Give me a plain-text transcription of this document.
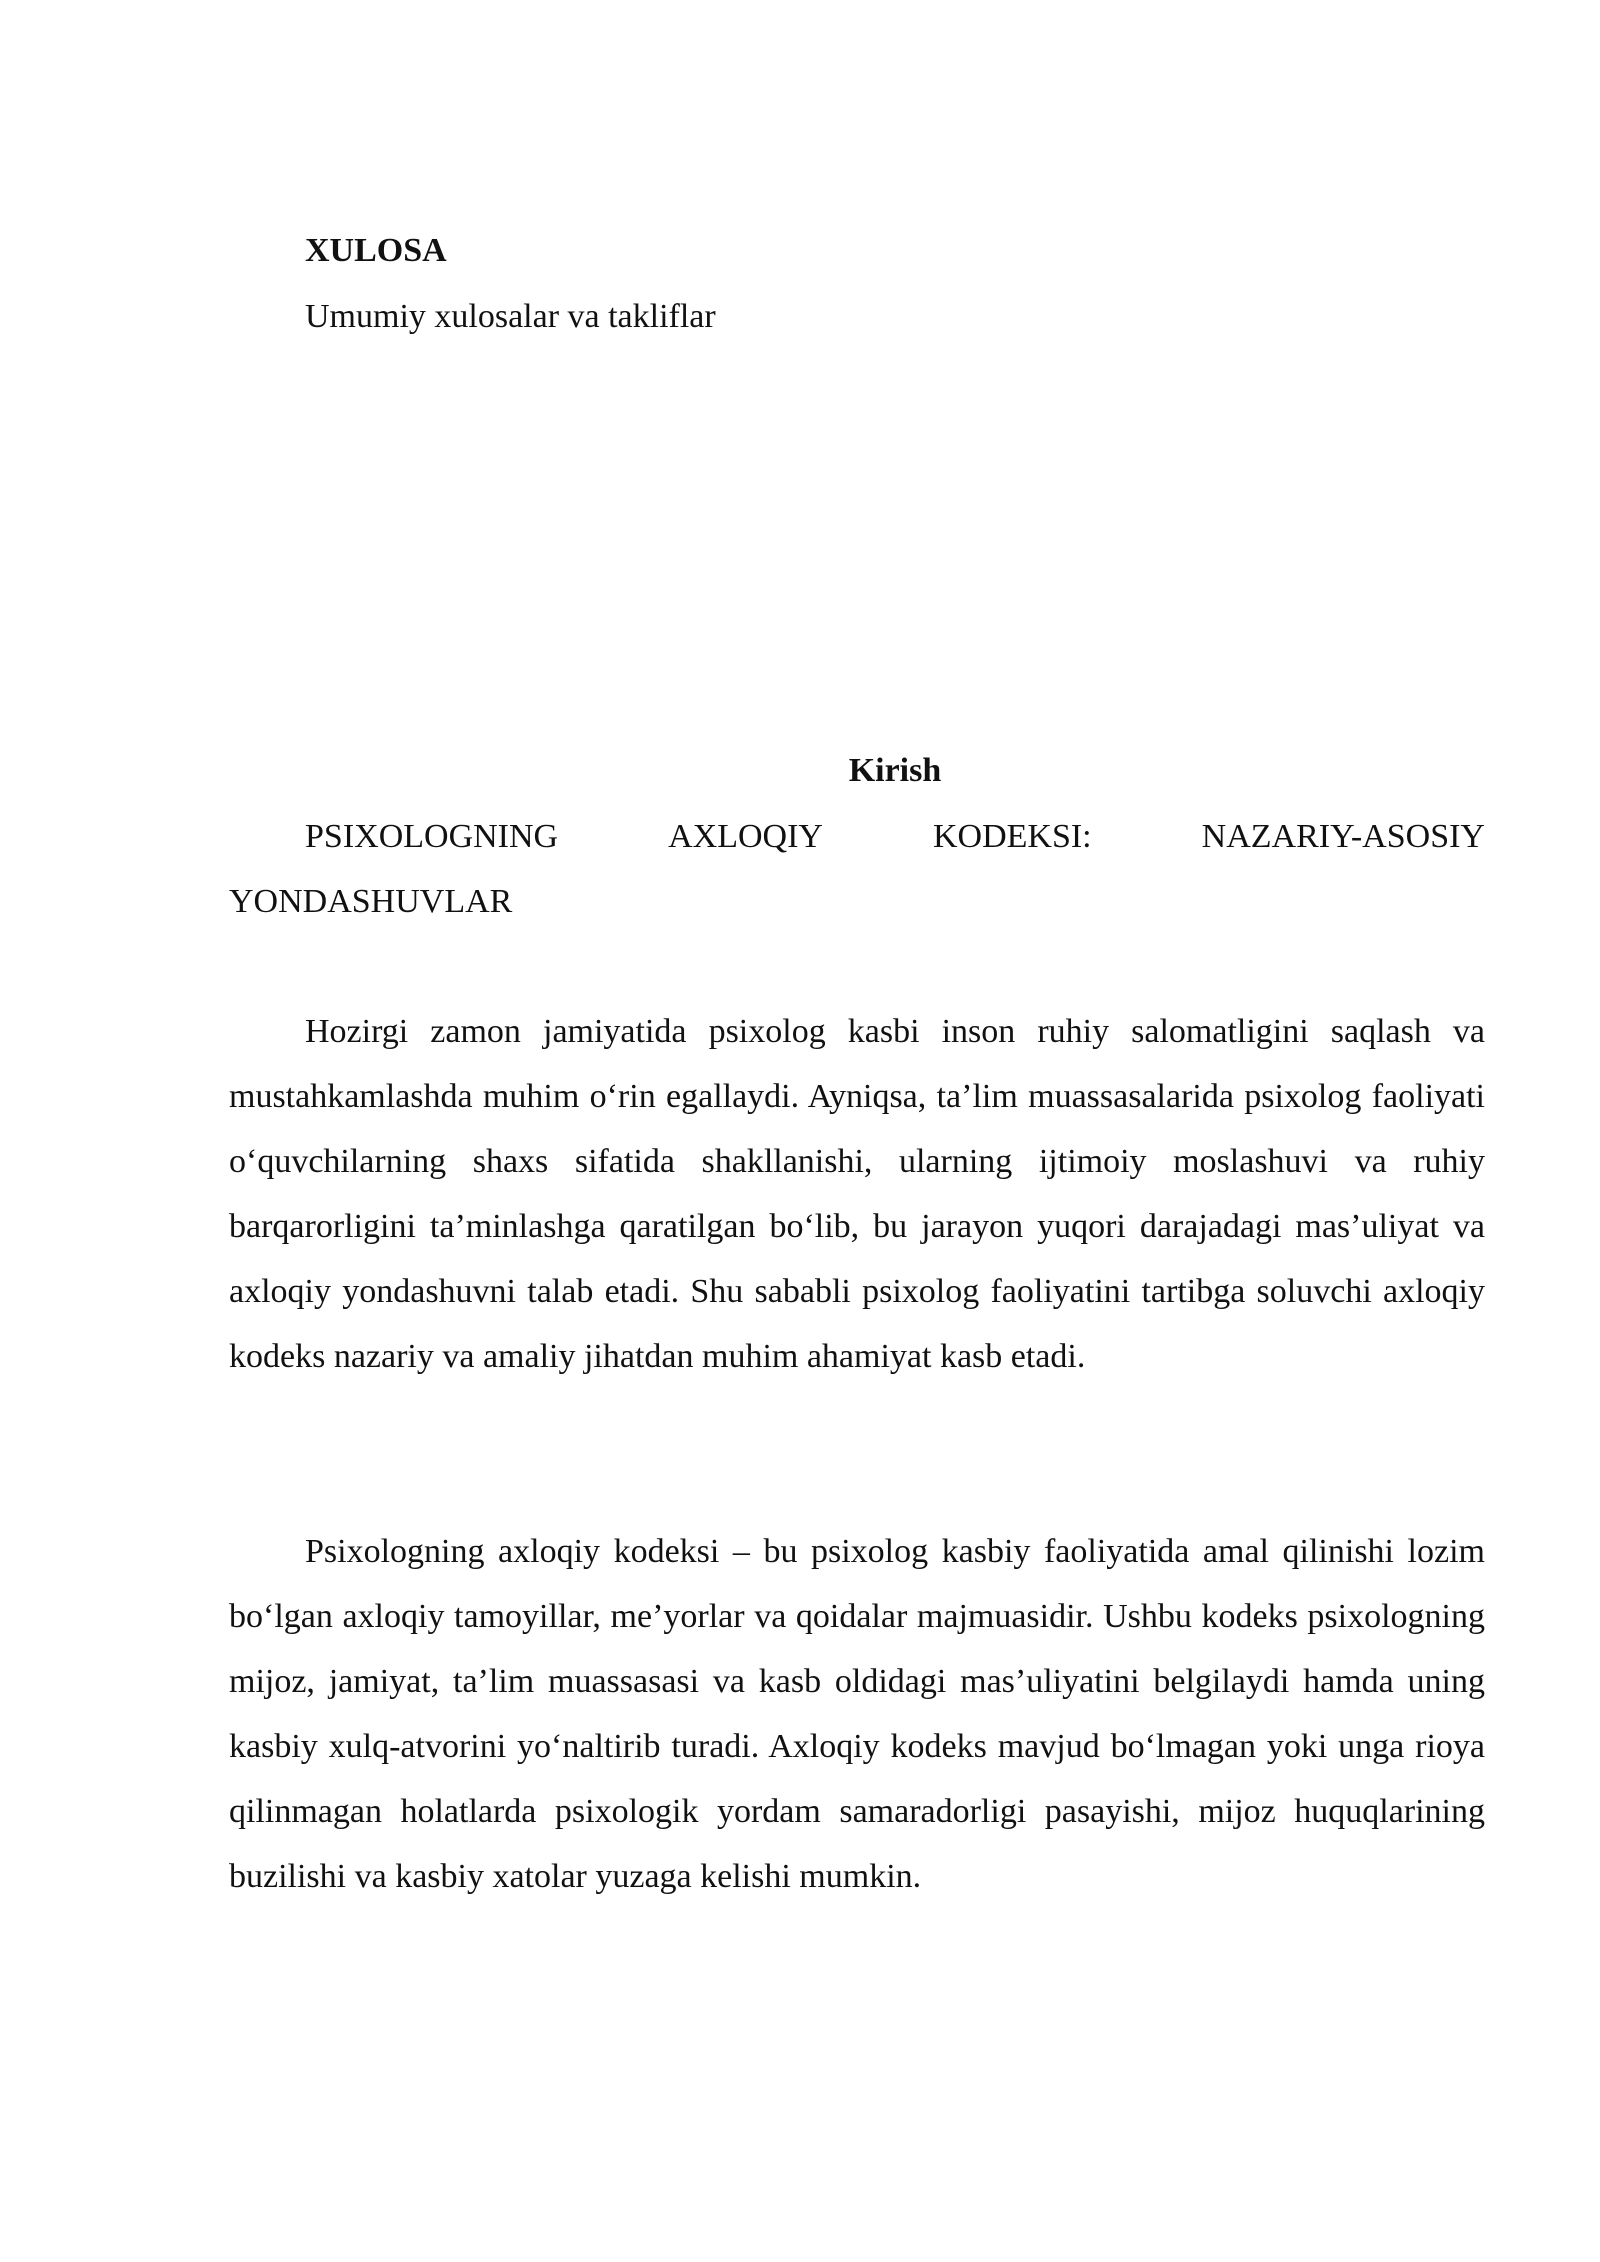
XULOSA

Umumiy xulosalar va takliflar

Kirish

PSIXOLOGNING	AXLOQIY	KODEKSI:	NAZARIY-ASOSIY
YONDASHUVLAR

Hozirgi zamon jamiyatida psixolog kasbi inson ruhiy salomatligini saqlash va mustahkamlashda muhim o‘rin egallaydi. Ayniqsa, ta’lim muassasalarida psixolog faoliyati o‘quvchilarning shaxs sifatida shakllanishi, ularning ijtimoiy moslashuvi va ruhiy barqarorligini ta’minlashga qaratilgan bo‘lib, bu jarayon yuqori darajadagi mas’uliyat va axloqiy yondashuvni talab etadi. Shu sababli psixolog faoliyatini tartibga soluvchi axloqiy kodeks nazariy va amaliy jihatdan muhim ahamiyat kasb etadi.

Psixologning axloqiy kodeksi – bu psixolog kasbiy faoliyatida amal qilinishi lozim bo‘lgan axloqiy tamoyillar, me’yorlar va qoidalar majmuasidir. Ushbu kodeks psixologning mijoz, jamiyat, ta’lim muassasasi va kasb oldidagi mas’uliyatini belgilaydi hamda uning kasbiy xulq-atvorini yo‘naltirib turadi. Axloqiy kodeks mavjud bo‘lmagan yoki unga rioya qilinmagan holatlarda psixologik yordam samaradorligi pasayishi, mijoz huquqlarining buzilishi va kasbiy xatolar yuzaga kelishi mumkin.
